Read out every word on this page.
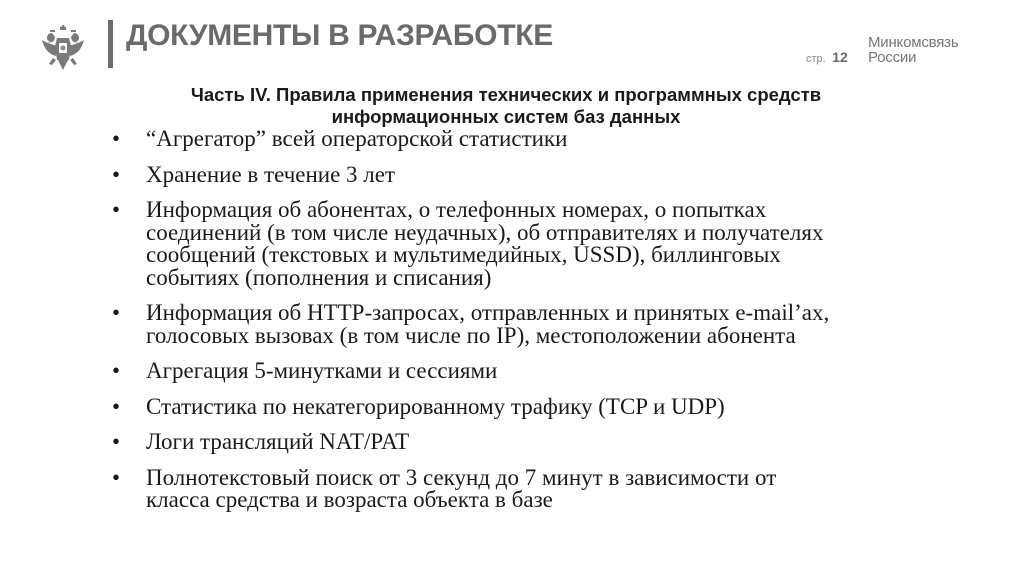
ДОКУМЕНТЫ В РАЗРАБОТКЕ
стр. 12
Минкомсвязь
России
Часть IV. Правила применения технических и программных средств
информационных систем баз данных
• “Агрегатор” всей операторской статистики
• Хранение в течение 3 лет
• Информация об абонентах, о телефонных номерах, о попытках
соединений (в том числе неудачных), об отправителях и получателях
сообщений (текстовых и мультимедийных, USSD), биллинговых
событиях (пополнения и списания)
• Информация об HTTP-запросах, отправленных и принятых e-mail’ах,
голосовых вызовах (в том числе по IP), местоположении абонента
• Агрегация 5-минутками и сессиями
• Статистика по некатегорированному трафику (TCP и UDP)
• Логи трансляций NAT/PAT
• Полнотекстовый поиск от 3 секунд до 7 минут в зависимости от
класса средства и возраста объекта в базе
